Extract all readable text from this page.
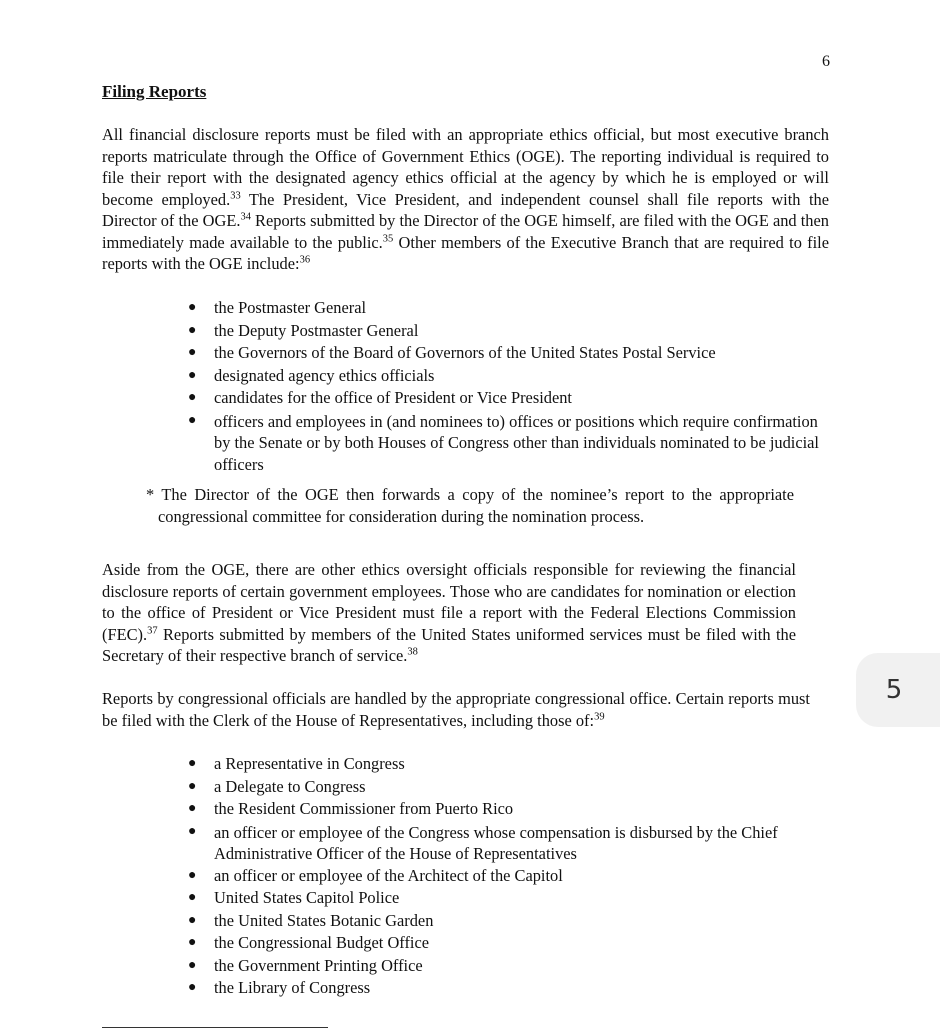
6
Filing Reports

All financial disclosure reports must be filed with an appropriate ethics official, but most executive branch reports matriculate through the Office of Government Ethics (OGE). The reporting individual is required to file their report with the designated agency ethics official at the agency by which he is employed or will become employed.$^{33}$ The President, Vice President, and independent counsel shall file reports with the Director of the OGE.$^{34}$ Reports submitted by the Director of the OGE himself, are filed with the OGE and then immediately made available to the public.$^{35}$ Other members of the Executive Branch that are required to file reports with the OGE include:$^{36}$

● the Postmaster General
● the Deputy Postmaster General
● the Governors of the Board of Governors of the United States Postal Service
● designated agency ethics officials
● candidates for the office of President or Vice President
● officers and employees in (and nominees to) offices or positions which require confirmation by the Senate or by both Houses of Congress other than individuals nominated to be judicial officers
* The Director of the OGE then forwards a copy of the nominee’s report to the appropriate congressional committee for consideration during the nomination process.

Aside from the OGE, there are other ethics oversight officials responsible for reviewing the financial disclosure reports of certain government employees. Those who are candidates for nomination or election to the office of President or Vice President must file a report with the Federal Elections Commission (FEC).$^{37}$ Reports submitted by members of the United States uniformed services must be filed with the Secretary of their respective branch of service.$^{38}$

Reports by congressional officials are handled by the appropriate congressional office. Certain reports must be filed with the Clerk of the House of Representatives, including those of:$^{39}$

● a Representative in Congress
● a Delegate to Congress
● the Resident Commissioner from Puerto Rico
● an officer or employee of the Congress whose compensation is disbursed by the Chief Administrative Officer of the House of Representatives
● an officer or employee of the Architect of the Capitol
● United States Capitol Police
● the United States Botanic Garden
● the Congressional Budget Office
● the Government Printing Office
● the Library of Congress
5
